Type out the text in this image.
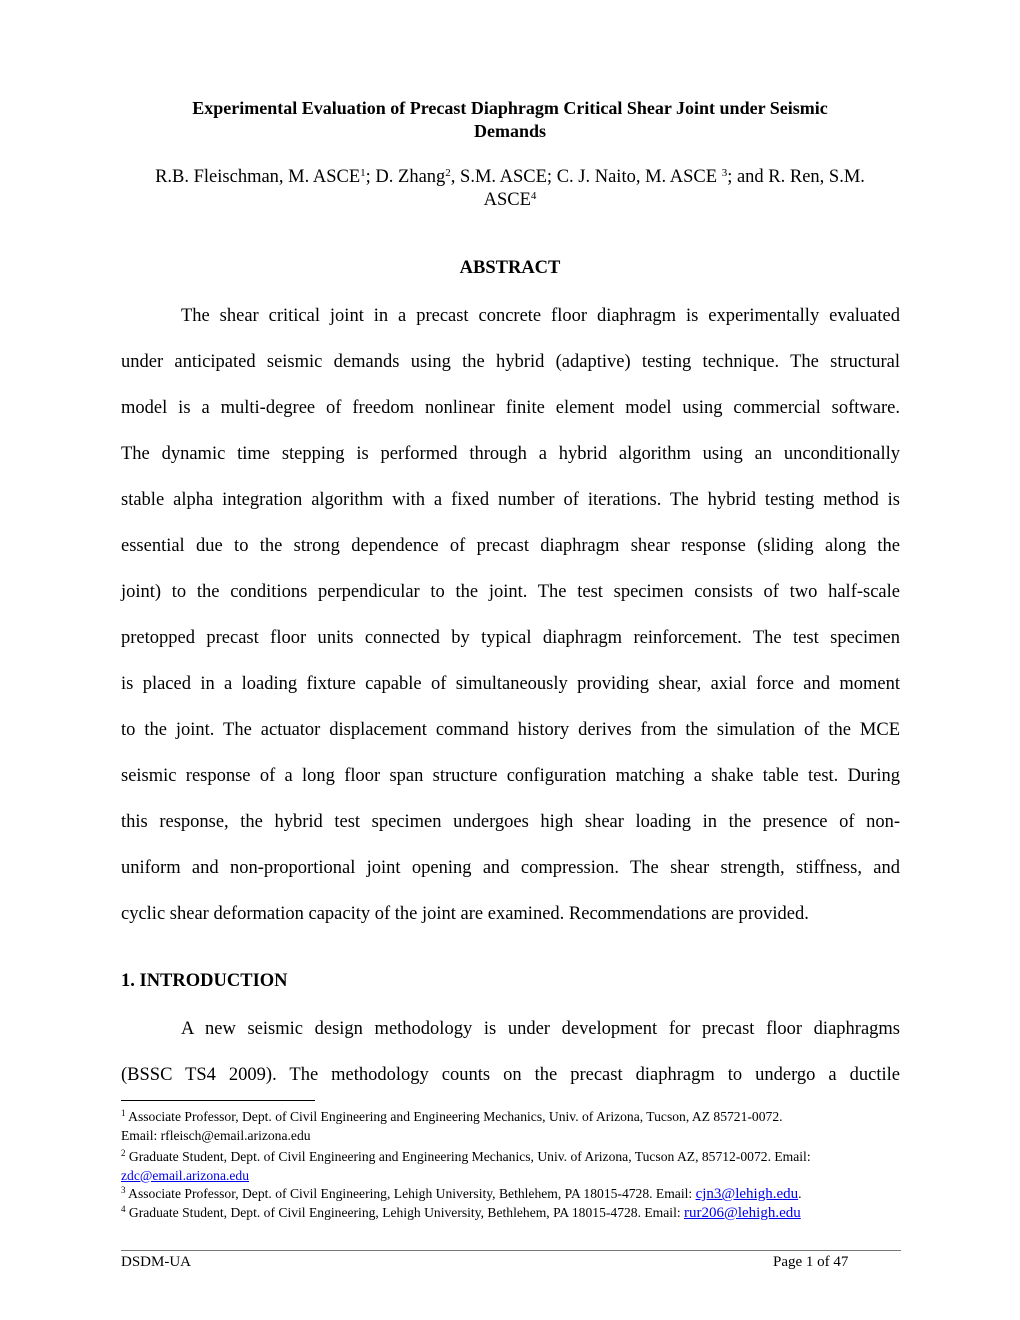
Experimental Evaluation of Precast Diaphragm Critical Shear Joint under Seismic
Demands
R.B. Fleischman, M. ASCE$^1$; D. Zhang$^2$, S.M. ASCE; C. J. Naito, M. ASCE $^3$; and R. Ren, S.M.
ASCE$^4$
ABSTRACT
The shear critical joint in a precast concrete floor diaphragm is experimentally evaluated
under anticipated seismic demands using the hybrid (adaptive) testing technique. The structural
model is a multi-degree of freedom nonlinear finite element model using commercial software.
The dynamic time stepping is performed through a hybrid algorithm using an unconditionally
stable alpha integration algorithm with a fixed number of iterations. The hybrid testing method is
essential due to the strong dependence of precast diaphragm shear response (sliding along the
joint) to the conditions perpendicular to the joint. The test specimen consists of two half-scale
pretopped precast floor units connected by typical diaphragm reinforcement. The test specimen
is placed in a loading fixture capable of simultaneously providing shear, axial force and moment
to the joint. The actuator displacement command history derives from the simulation of the MCE
seismic response of a long floor span structure configuration matching a shake table test. During
this response, the hybrid test specimen undergoes high shear loading in the presence of non-
uniform and non-proportional joint opening and compression. The shear strength, stiffness, and
cyclic shear deformation capacity of the joint are examined. Recommendations are provided.
1. INTRODUCTION
A new seismic design methodology is under development for precast floor diaphragms
(BSSC TS4 2009). The methodology counts on the precast diaphragm to undergo a ductile
$^1$ Associate Professor, Dept. of Civil Engineering and Engineering Mechanics, Univ. of Arizona, Tucson, AZ 85721-0072.
Email: rfleisch@email.arizona.edu
$^2$ Graduate Student, Dept. of Civil Engineering and Engineering Mechanics, Univ. of Arizona, Tucson AZ, 85712-0072. Email:
zdc@email.arizona.edu
$^3$ Associate Professor, Dept. of Civil Engineering, Lehigh University, Bethlehem, PA 18015-4728. Email: cjn3@lehigh.edu.
$^4$ Graduate Student, Dept. of Civil Engineering, Lehigh University, Bethlehem, PA 18015-4728. Email: rur206@lehigh.edu
DSDM-UA	Page 1 of 47
